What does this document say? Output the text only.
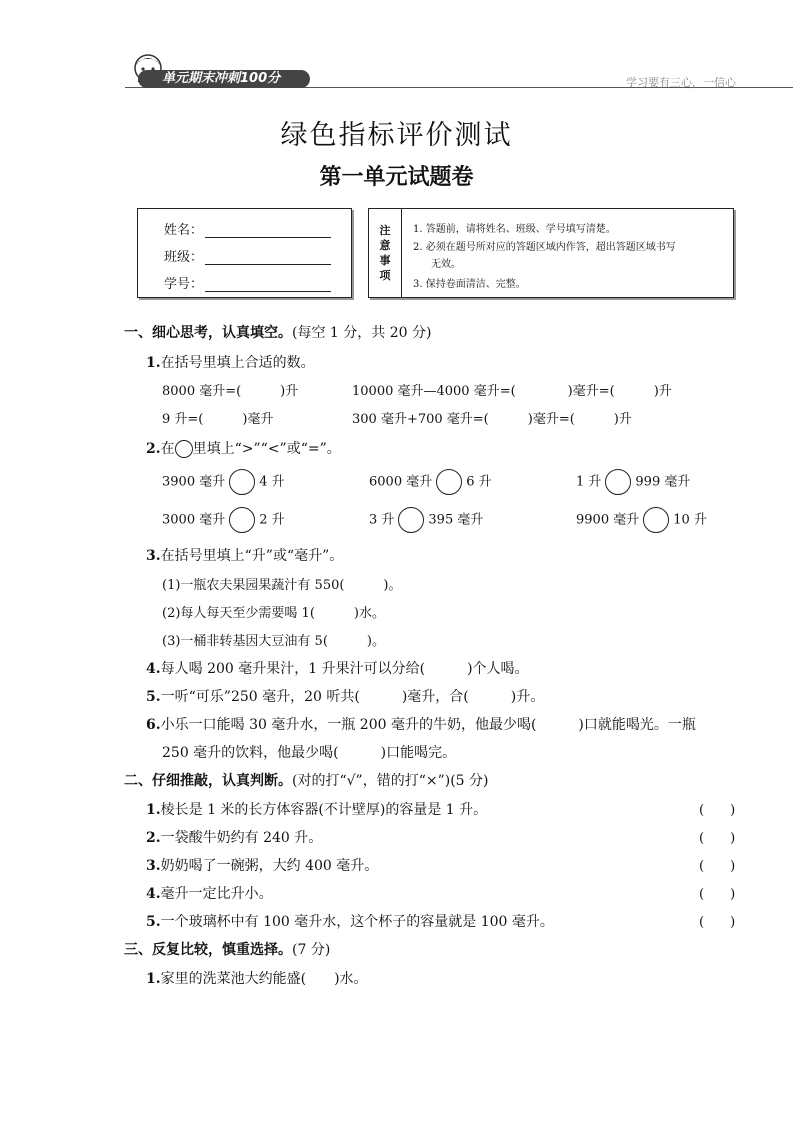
单元期末冲刺100分	学习要有三心，一信心
绿色指标评价测试
第一单元试题卷
姓名：
班级：
学号：
注
意
事
项
1. 答题前，请将姓名、班级、学号填写清楚。
2. 必须在题号所对应的答题区域内作答，超出答题区域书写
无效。
3. 保持卷面清洁、完整。
一、细心思考，认真填空。(每空 1 分，共 20 分)
1.在括号里填上合适的数。
8000 毫升=(　　　)升	10000 毫升—4000 毫升=(　　　　)毫升=(　　　)升
9 升=(　　　)毫升	300 毫升+700 毫升=(　　　)毫升=(　　　)升
2.在 里填上“>”“<”或“=”。
3900 毫升	4 升	6000 毫升	6 升	1 升	999 毫升
3000 毫升	2 升	3 升	395 毫升	9900 毫升	10 升
3.在括号里填上“升”或“毫升”。
(1)一瓶农夫果园果蔬汁有 550(　　　)。
(2)每人每天至少需要喝 1(　　　)水。
(3)一桶非转基因大豆油有 5(　　　)。
4.每人喝 200 毫升果汁，1 升果汁可以分给(　　　)个人喝。
5.一听“可乐”250 毫升，20 听共(　　　)毫升，合(　　　)升。
6.小乐一口能喝 30 毫升水，一瓶 200 毫升的牛奶，他最少喝(　　　)口就能喝光。一瓶
250 毫升的饮料，他最少喝(　　　)口能喝完。
二、仔细推敲，认真判断。(对的打“√”，错的打“×”)(5 分)
1.棱长是 1 米的长方体容器(不计壁厚)的容量是 1 升。	(　　)
2.一袋酸牛奶约有 240 升。	(　　)
3.奶奶喝了一碗粥，大约 400 毫升。	(　　)
4.毫升一定比升小。	(　　)
5.一个玻璃杯中有 100 毫升水，这个杯子的容量就是 100 毫升。	(　　)
三、反复比较，慎重选择。(7 分)
1.家里的洗菜池大约能盛(　　)水。
